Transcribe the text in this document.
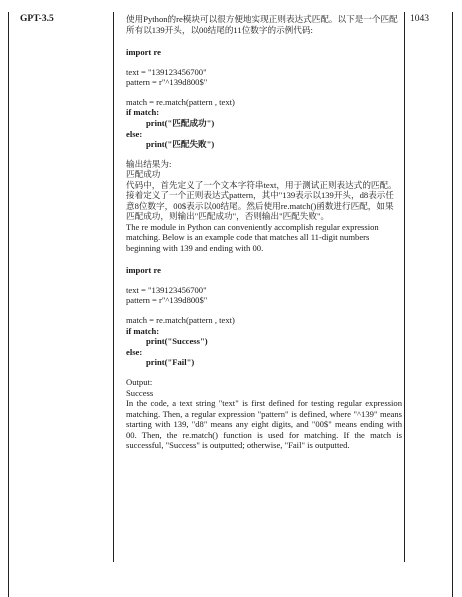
GPT-3.5	1043

使用Python的re模块可以很方便地实现正则表达式匹配。以下是一个匹配所有以139开头，以00结尾的11位数字的示例代码:

import re
text = "139123456700"
pattern = r"^139d800$"
match = re.match(pattern , text)
if match:
print("匹配成功")
else:
print("匹配失败")

输出结果为:

匹配成功

代码中，首先定义了一个文本字符串text，用于测试正则表达式的匹配。接着定义了一个正则表达式pattern，其中"139表示以139开头，d8表示任意8位数字，00$表示以00结尾。然后使用re.match()函数进行匹配，如果匹配成功，则输出"匹配成功"，否则输出"匹配失败"。

The re module in Python can conveniently accomplish regular expression matching. Below is an example code that matches all 11-digit numbers beginning with 139 and ending with 00.

import re
text = "139123456700"
pattern = r"^139d800$"
match = re.match(pattern , text)
if match:
print("Success")
else:
print("Fail")

Output:

Success

In the code, a text string "text" is first defined for testing regular expression matching. Then, a regular expression "pattern" is defined, where "^139" means starting with 139, "d8" means any eight digits, and "00$" means ending with 00. Then, the re.match() function is used for matching. If the match is successful, "Success" is outputted; otherwise, "Fail" is outputted.
